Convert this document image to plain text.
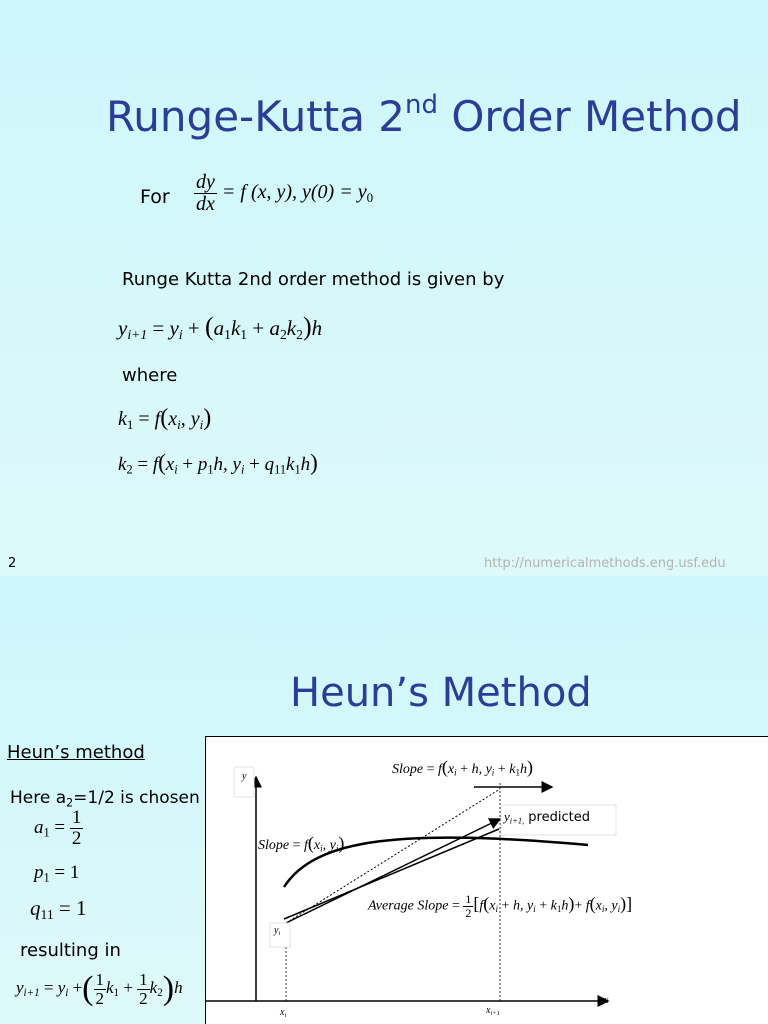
Runge-Kutta 2nd Order Method
For $\frac{dy}{dx} = f$ (x, y), $y(0) = y_0$
Runge Kutta 2nd order method is given by
$y_{i+1} = y_i + (a_1k_1 + a_2k_2)h$
where
$k_1 = f(x_i$, $y_i$)
$k_2 = f(x_i + p_1h$, $y_i + q_{11}k_1h$)
2	http://numericalmethods.eng.usf.edu
Heun’s Method
Heun’s method
Here $a_2=1/2$ is chosen
$a_1 = \frac{1}{2}$
$p_1 = 1$
$q_{11} = 1$
resulting in
$y_{i+1} = y_i$ +( $\frac{1}{2} k_1 + \frac{1}{2} k_2)h$
y
x
$x_i$	$x_{i+1}$
$y_i$
$y_{i+1,}$ predicted
Slope = $f(x_i + h$, $y_i + k_1h$)
Slope = $f(x_i$, $y_i$)
Average Slope = $\frac{1}{2} [f(x_i + h$, $y_i + k_1h)+ f(x_i$, $y_i$)]
